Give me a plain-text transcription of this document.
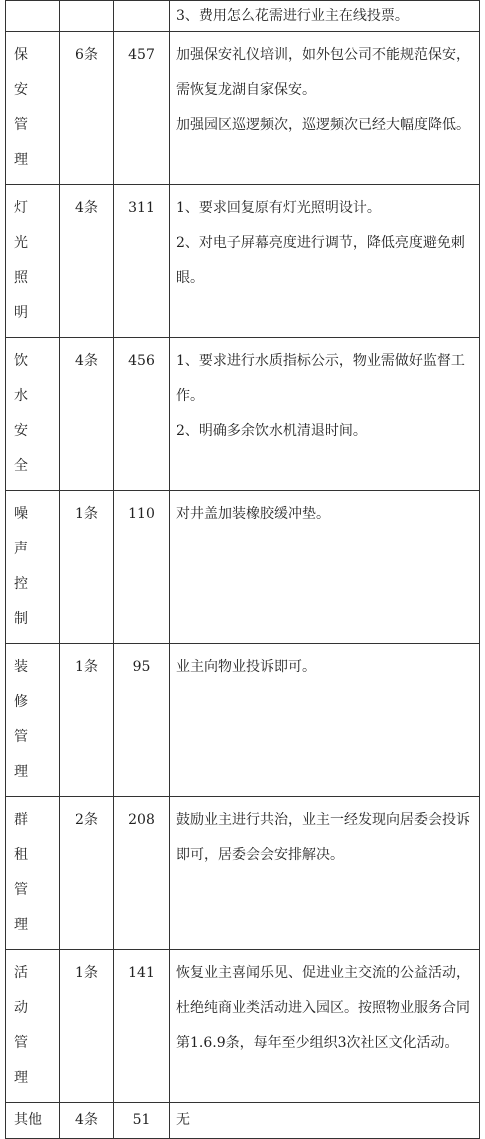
			3、费用怎么花需进行业主在线投票。

保安管理	6条	457	加强保安礼仪培训，如外包公司不能规范保安，需恢复龙湖自家保安。

加强园区巡逻频次，巡逻频次已经大幅度降低。

灯光照明	4条	311	1、要求回复原有灯光照明设计。

2、对电子屏幕亮度进行调节，降低亮度避免刺眼。

饮水安全	4条	456	1、要求进行水质指标公示，物业需做好监督工作。

2、明确多余饮水机清退时间。

噪声控制	1条	110	对井盖加装橡胶缓冲垫。

装修管理	1条	95	业主向物业投诉即可。

群租管理	2条	208	鼓励业主进行共治，业主一经发现向居委会投诉即可，居委会会安排解决。

活动管理	1条	141	恢复业主喜闻乐见、促进业主交流的公益活动，杜绝纯商业类活动进入园区。按照物业服务合同第1.6.9条，每年至少组织3次社区文化活动。

其他	4条	51	无
